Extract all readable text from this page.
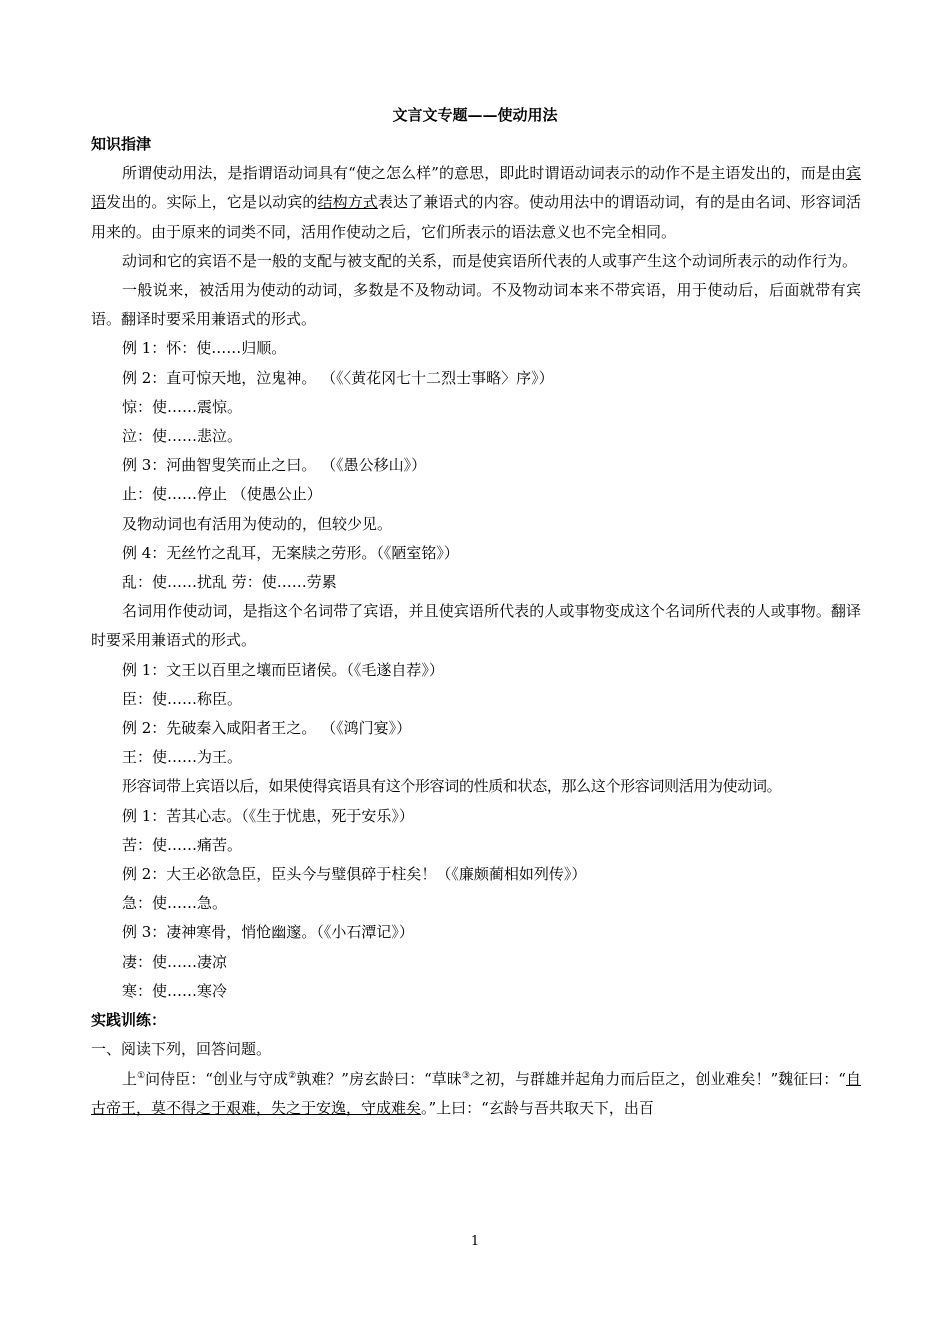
文言文专题——使动用法

知识指津

所谓使动用法，是指谓语动词具有“使之怎么样”的意思，即此时谓语动词表示的动作不是主语发出的，而是由宾语发出的。实际上，它是以动宾的结构方式表达了兼语式的内容。使动用法中的谓语动词，有的是由名词、形容词活用来的。由于原来的词类不同，活用作使动之后，它们所表示的语法意义也不完全相同。

动词和它的宾语不是一般的支配与被支配的关系，而是使宾语所代表的人或事产生这个动词所表示的动作行为。

一般说来，被活用为使动的动词，多数是不及物动词。不及物动词本来不带宾语，用于使动后，后面就带有宾语。翻译时要采用兼语式的形式。

例 1：怀：使……归顺。

例 2：直可惊天地，泣鬼神。 （《〈黄花冈七十二烈士事略〉序》）

惊：使……震惊。

泣：使……悲泣。

例 3：河曲智叟笑而止之曰。 （《愚公移山》）

止：使……停止 （使愚公止）

及物动词也有活用为使动的，但较少见。

例 4：无丝竹之乱耳，无案牍之劳形。（《陋室铭》）

乱：使……扰乱 劳：使……劳累

名词用作使动词，是指这个名词带了宾语，并且使宾语所代表的人或事物变成这个名词所代表的人或事物。翻译时要采用兼语式的形式。

例 1：文王以百里之壤而臣诸侯。（《毛遂自荐》）

臣：使……称臣。

例 2：先破秦入咸阳者王之。 （《鸿门宴》）

王：使……为王。

形容词带上宾语以后，如果使得宾语具有这个形容词的性质和状态，那么这个形容词则活用为使动词。

例 1：苦其心志。（《生于忧患，死于安乐》）

苦：使……痛苦。

例 2：大王必欲急臣，臣头今与璧俱碎于柱矣！（《廉颇蔺相如列传》）

急：使……急。

例 3：凄神寒骨，悄怆幽邃。（《小石潭记》）

凄：使……凄凉

寒：使……寒冷

实践训练：

一、阅读下列，回答问题。

上①问侍臣：“创业与守成②孰难？”房玄龄曰：“草昧③之初，与群雄并起角力而后臣之，创业难矣！”魏征曰：“自古帝王，莫不得之于艰难，失之于安逸，守成难矣。”上曰：“玄龄与吾共取天下，出百

1
